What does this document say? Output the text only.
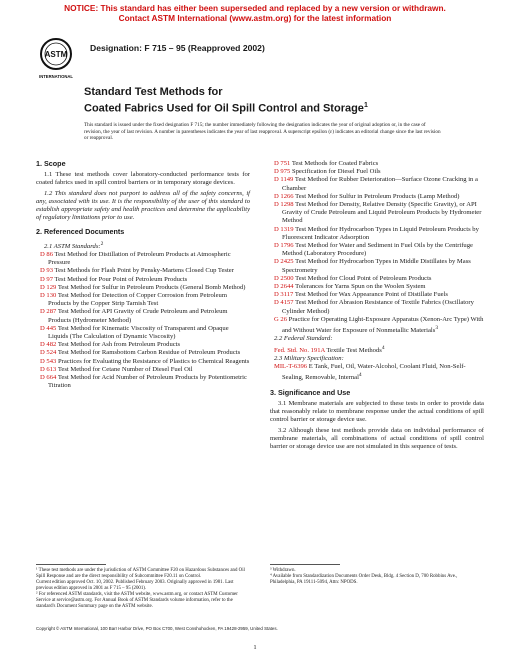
NOTICE: This standard has either been superseded and replaced by a new version or withdrawn.
Contact ASTM International (www.astm.org) for the latest information
ASTM
INTERNATIONAL
Designation: F 715 – 95 (Reapproved 2002)
Standard Test Methods for
Coated Fabrics Used for Oil Spill Control and Storage$^1$
This standard is issued under the fixed designation F 715; the number immediately following the designation indicates the year of original adoption or, in the case of revision, the year of last revision. A number in parentheses indicates the year of last reapproval. A superscript epsilon (ε) indicates an editorial change since the last revision or reapproval.
1. Scope

1.1 These test methods cover laboratory-conducted performance tests for coated fabrics used in spill control barriers or in temporary storage devices.

1.2 This standard does not purport to address all of the safety concerns, if any, associated with its use. It is the responsibility of the user of this standard to establish appropriate safety and health practices and determine the applicability of regulatory limitations prior to use.

2. Referenced Documents

2.1 ASTM Standards:$^2$

D 86 Test Method for Distillation of Petroleum Products at Atmospheric Pressure

D 93 Test Methods for Flash Point by Pensky-Martens Closed Cup Tester

D 97 Test Method for Pour Point of Petroleum Products

D 129 Test Method for Sulfur in Petroleum Products (General Bomb Method)

D 130 Test Method for Detection of Copper Corrosion from Petroleum Products by the Copper Strip Tarnish Test

D 287 Test Method for API Gravity of Crude Petroleum and Petroleum Products (Hydrometer Method)

D 445 Test Method for Kinematic Viscosity of Transparent and Opaque Liquids (The Calculation of Dynamic Viscosity)

D 482 Test Method for Ash from Petroleum Products

D 524 Test Method for Ramsbottom Carbon Residue of Petroleum Products

D 543 Practices for Evaluating the Resistance of Plastics to Chemical Reagents

D 613 Test Method for Cetane Number of Diesel Fuel Oil

D 664 Test Method for Acid Number of Petroleum Products by Potentiometric Titration

D 751 Test Methods for Coated Fabrics

D 975 Specification for Diesel Fuel Oils

D 1149 Test Method for Rubber Deterioration—Surface Ozone Cracking in a Chamber

D 1266 Test Method for Sulfur in Petroleum Products (Lamp Method)

D 1298 Test Method for Density, Relative Density (Specific Gravity), or API Gravity of Crude Petroleum and Liquid Petroleum Products by Hydrometer Method

D 1319 Test Method for Hydrocarbon Types in Liquid Petroleum Products by Fluorescent Indicator Adsorption

D 1796 Test Method for Water and Sediment in Fuel Oils by the Centrifuge Method (Laboratory Procedure)

D 2425 Test Method for Hydrocarbon Types in Middle Distillates by Mass Spectrometry

D 2500 Test Method for Cloud Point of Petroleum Products

D 2644 Tolerances for Yarns Spun on the Woolen System

D 3117 Test Method for Wax Appearance Point of Distillate Fuels

D 4157 Test Method for Abrasion Resistance of Textile Fabrics (Oscillatory Cylinder Method)

G 26 Practice for Operating Light-Exposure Apparatus (Xenon-Arc Type) With and Without Water for Exposure of Nonmetallic Materials$^3$

2.2 Federal Standard:

Fed. Std. No. 191A Textile Test Methods$^4$

2.3 Military Specification:

MIL-T-6396 E Tank, Fuel, Oil, Water-Alcohol, Coolant Fluid, Non-Self-Sealing, Removable, Internal$^4$

3. Significance and Use

3.1 Membrane materials are subjected to these tests in order to provide data that reasonably relate to membrane response under the actual conditions of spill control barrier or storage device use.

3.2 Although these test methods provide data on individual performance of membrane materials, all combinations of actual conditions of spill control barrier or storage device use are not simulated in this sequence of tests.

¹ These test methods are under the jurisdiction of ASTM Committee F20 on Hazardous Substances and Oil Spill Response and are the direct responsibility of Subcommittee F20.11 on Control.
Current edition approved Oct. 10, 2002. Published February 2003. Originally approved in 1981. Last previous edition approved in 2001 as F 715 – 95 (2001).
² For referenced ASTM standards, visit the ASTM website, www.astm.org, or contact ASTM Customer Service at service@astm.org. For Annual Book of ASTM Standards volume information, refer to the standard's Document Summary page on the ASTM website.
³ Withdrawn.
⁴ Available from Standardization Documents Order Desk, Bldg. 4 Section D, 700 Robbins Ave., Philadelphia, PA 19111-5094, Attn: NPODS.
Copyright © ASTM International, 100 Barr Harbor Drive, PO Box C700, West Conshohocken, PA 19428-2959, United States.
1
